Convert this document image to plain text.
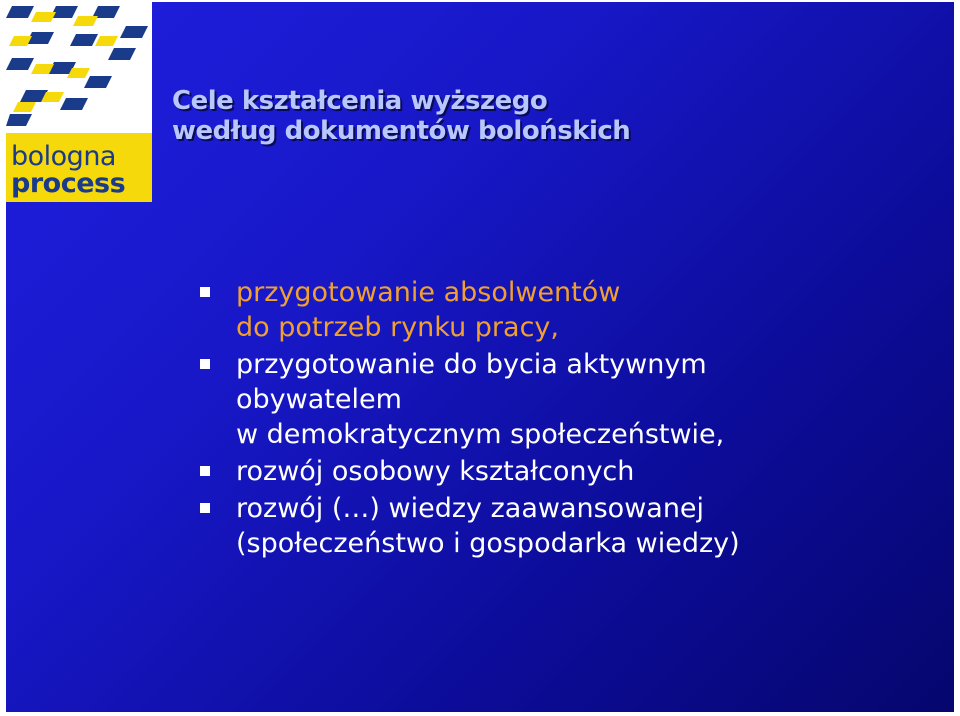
bologna
process
Cele kształcenia wyższego
według dokumentów bolońskich
przygotowanie absolwentów
do potrzeb rynku pracy,
przygotowanie do bycia aktywnym
obywatelem
w demokratycznym społeczeństwie,
rozwój osobowy kształconych
rozwój (…) wiedzy zaawansowanej
(społeczeństwo i gospodarka wiedzy)
